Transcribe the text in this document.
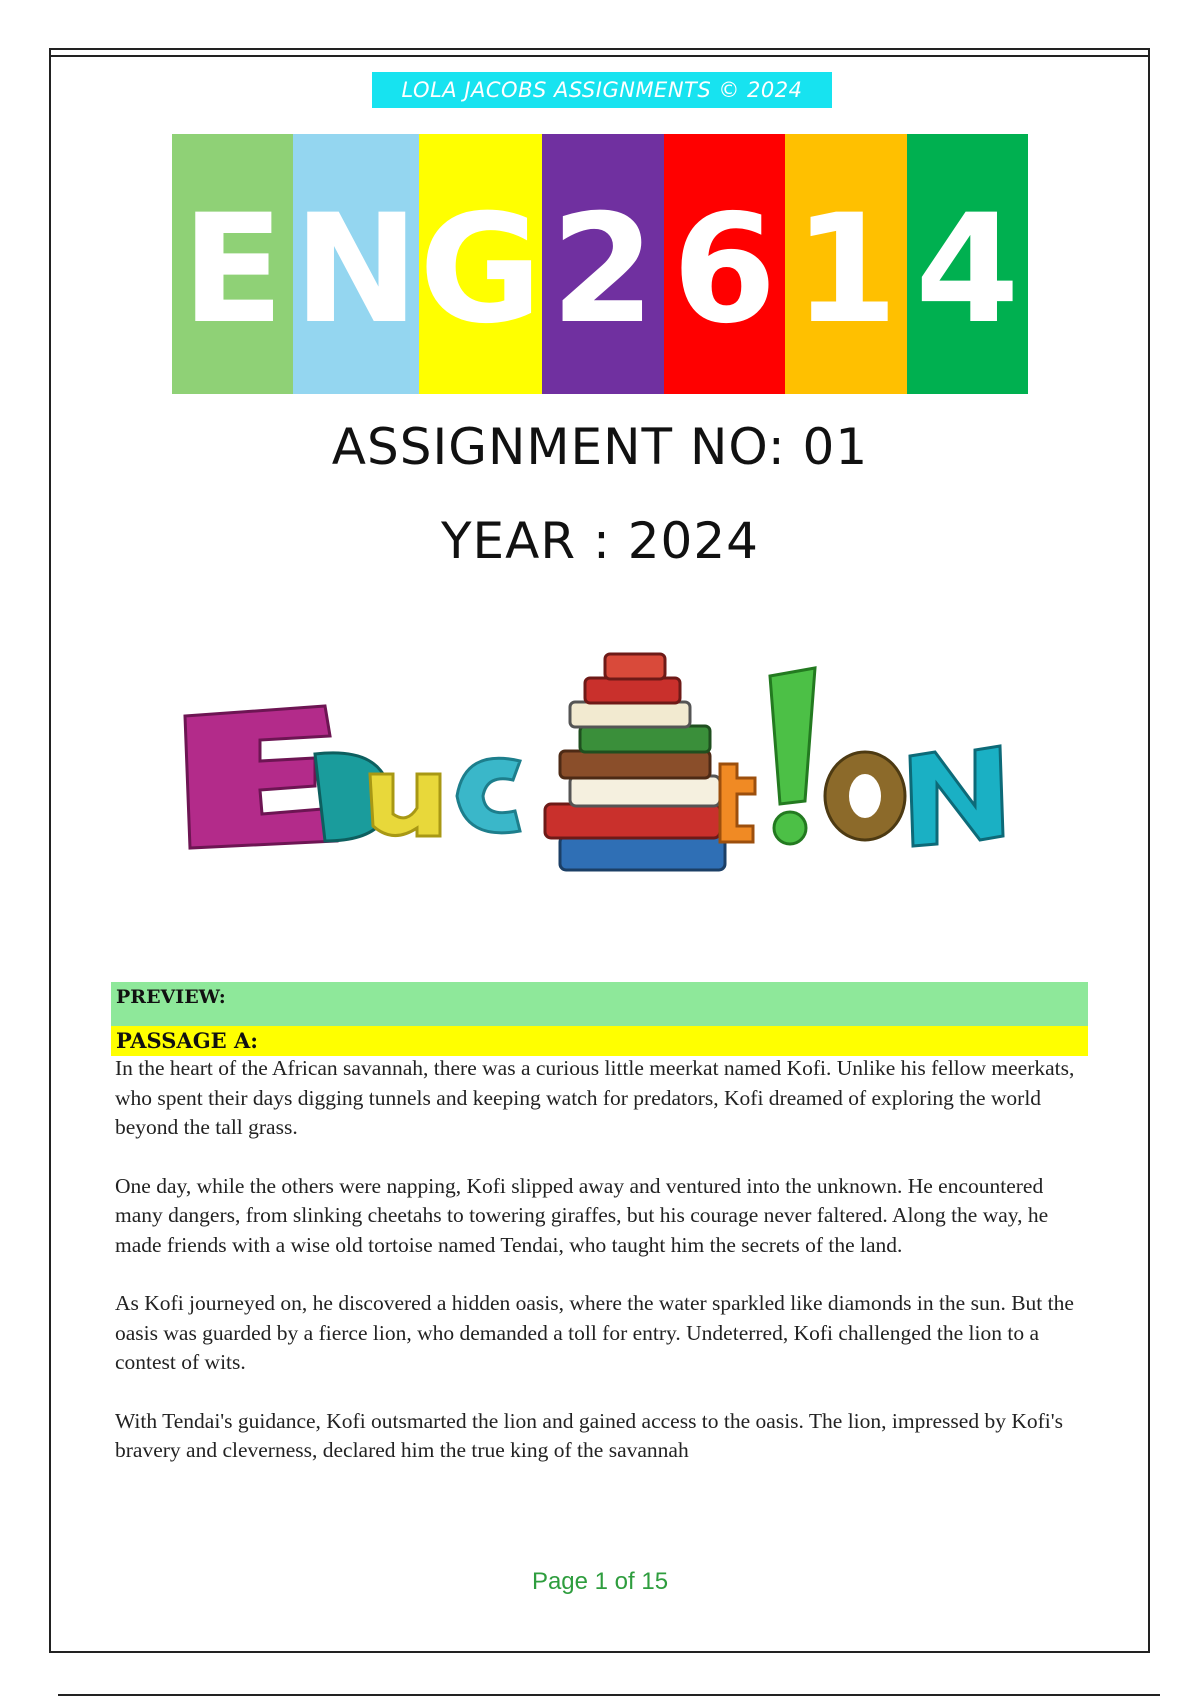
LOLA JACOBS ASSIGNMENTS © 2024
E N G 2 6 1 4
ASSIGNMENT NO: 01
YEAR : 2024
PREVIEW:
PASSAGE A:

In the heart of the African savannah, there was a curious little meerkat named Kofi. Unlike his fellow meerkats, who spent their days digging tunnels and keeping watch for predators, Kofi dreamed of exploring the world beyond the tall grass.

One day, while the others were napping, Kofi slipped away and ventured into the unknown. He encountered many dangers, from slinking cheetahs to towering giraffes, but his courage never faltered. Along the way, he made friends with a wise old tortoise named Tendai, who taught him the secrets of the land.

As Kofi journeyed on, he discovered a hidden oasis, where the water sparkled like diamonds in the sun. But the oasis was guarded by a fierce lion, who demanded a toll for entry. Undeterred, Kofi challenged the lion to a contest of wits.

With Tendai's guidance, Kofi outsmarted the lion and gained access to the oasis. The lion, impressed by Kofi's bravery and cleverness, declared him the true king of the savannah

Page 1 of 15
